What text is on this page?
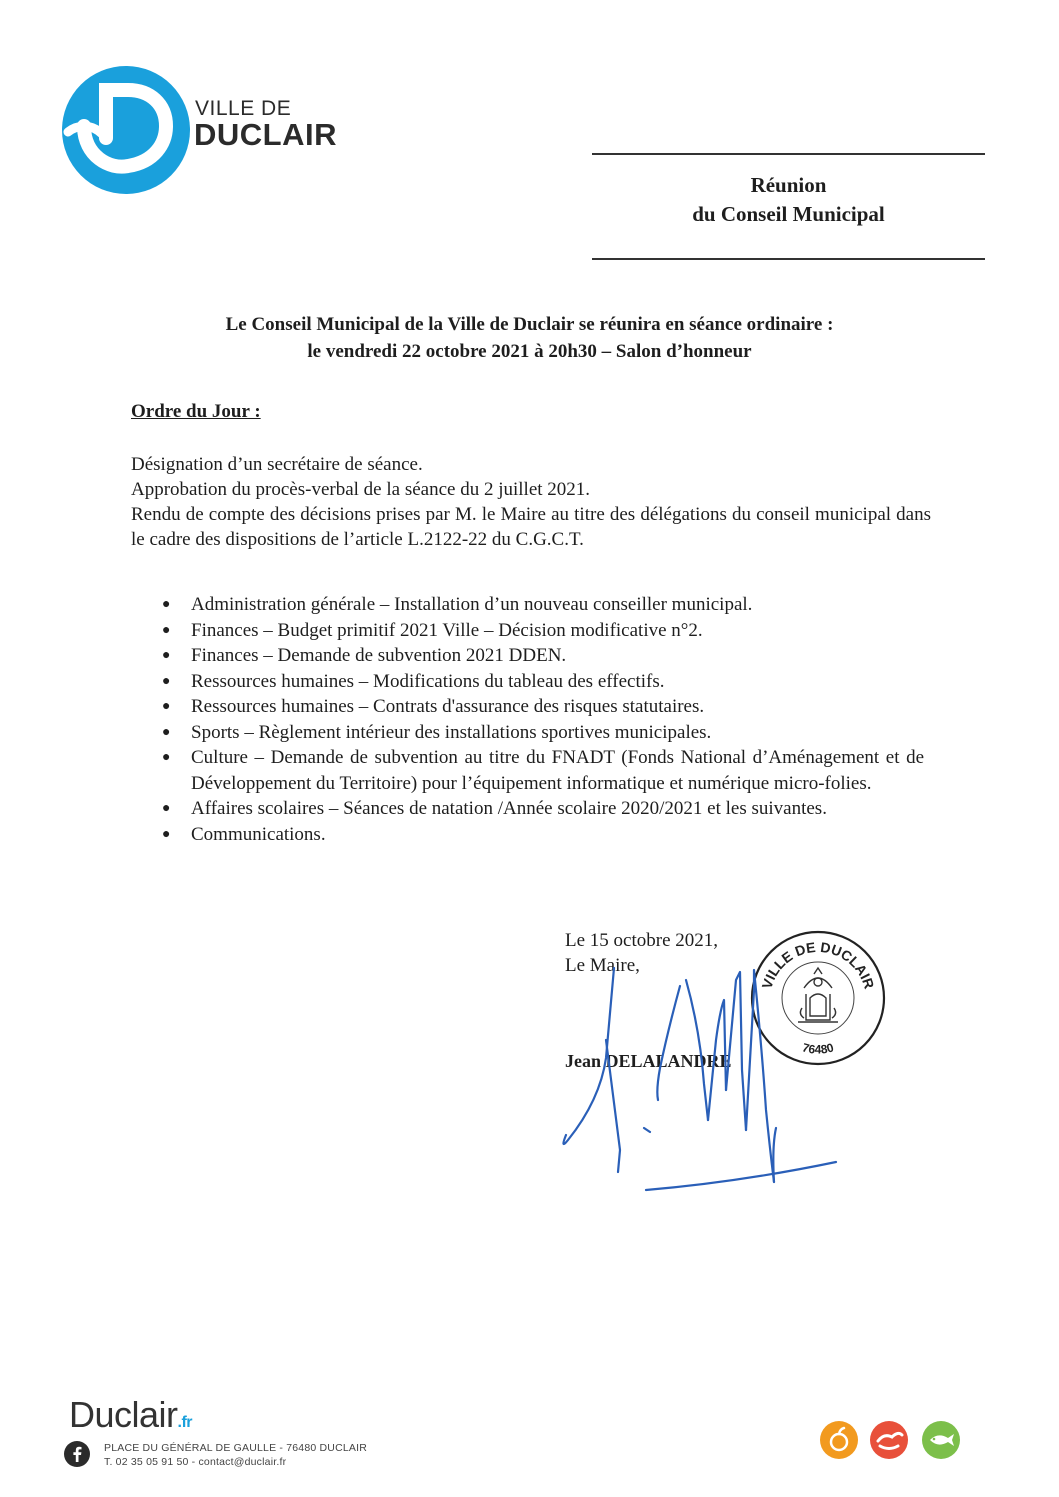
VILLE DE
DUCLAIR
Réunion
du Conseil Municipal
Le Conseil Municipal de la Ville de Duclair se réunira en séance ordinaire :
le vendredi 22 octobre 2021 à 20h30 – Salon d’honneur
Ordre du Jour :

Désignation d’un secrétaire de séance.

Approbation du procès-verbal de la séance du 2 juillet 2021.

Rendu de compte des décisions prises par M. le Maire au titre des délégations du conseil municipal dans le cadre des dispositions de l’article L.2122-22 du C.G.C.T.

● Administration générale – Installation d’un nouveau conseiller municipal.
● Finances – Budget primitif 2021 Ville – Décision modificative n°2.
● Finances – Demande de subvention 2021 DDEN.
● Ressources humaines – Modifications du tableau des effectifs.
● Ressources humaines – Contrats d'assurance des risques statutaires.
● Sports – Règlement intérieur des installations sportives municipales.
● Culture – Demande de subvention au titre du FNADT (Fonds National d’Aménagement et de Développement du Territoire) pour l’équipement informatique et numérique micro-folies.
● Affaires scolaires – Séances de natation /Année scolaire 2020/2021 et les suivantes.
● Communications.
Le 15 octobre 2021,
Le Maire,
Jean DELALANDRE
VILLE DE DUCLAIR
76480
Duclair.fr
PLACE DU GÉNÉRAL DE GAULLE - 76480 DUCLAIR
T. 02 35 05 91 50 - contact@duclair.fr
